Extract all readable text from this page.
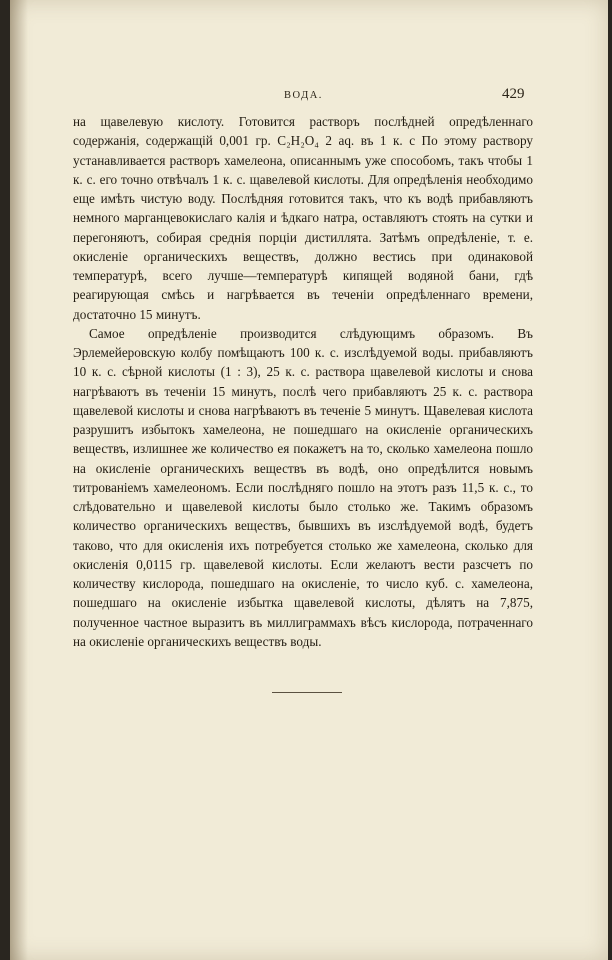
ВОДА.	429

на щавелевую кислоту. Готовится растворъ послѣдней опредѣленнаго содержанія, содержащій 0,001 гр. C₂H₂O₄ 2 aq. въ 1 к. с По этому раствору устанавливается растворъ хамелеона, описаннымъ уже способомъ, такъ чтобы 1 к. с. его точно отвѣчалъ 1 к. с. щавелевой кислоты. Для опредѣленія необходимо еще имѣть чистую воду. Послѣдняя готовится такъ, что къ водѣ прибавляютъ немного марганцевокислаго калія и ѣдкаго натра, оставляютъ стоять на сутки и перегоняютъ, собирая среднія порціи дистиллята. Затѣмъ опредѣленіе, т. е. окисленіе органическихъ веществъ, должно вестись при одинаковой температурѣ, всего лучше—температурѣ кипящей водяной бани, гдѣ реагирующая смѣсь и нагрѣвается въ теченіи опредѣленнаго времени, достаточно 15 минутъ.

Самое опредѣленіе производится слѣдующимъ образомъ. Въ Эрлемейеровскую колбу помѣщаютъ 100 к. с. изслѣдуемой воды. прибавляютъ 10 к. с. сѣрной кислоты (1 : 3), 25 к. с. раствора щавелевой кислоты и снова нагрѣваютъ въ теченіи 15 минутъ, послѣ чего прибавляютъ 25 к. с. раствора щавелевой кислоты и снова нагрѣваютъ въ теченіе 5 минутъ. Щавелевая кислота разрушитъ избытокъ хамелеона, не пошедшаго на окисленіе органическихъ веществъ, излишнее же количество ея покажетъ на то, сколько хамелеона пошло на окисленіе органическихъ веществъ въ водѣ, оно опредѣлится новымъ титрованіемъ хамелеономъ. Если послѣдняго пошло на этотъ разъ 11,5 к. с., то слѣдовательно и щавелевой кислоты было столько же. Такимъ образомъ количество органическихъ веществъ, бывшихъ въ изслѣдуемой водѣ, будетъ таково, что для окисленія ихъ потребуется столько же хамелеона, сколько для окисленія 0,0115 гр. щавелевой кислоты. Если желаютъ вести разсчетъ по количеству кислорода, пошедшаго на окисленіе, то число куб. с. хамелеона, пошедшаго на окисленіе избытка щавелевой кислоты, дѣлятъ на 7,875, полученное частное выразитъ въ миллиграммахъ вѣсъ кислорода, потраченнаго на окисленіе органическихъ веществъ воды.
